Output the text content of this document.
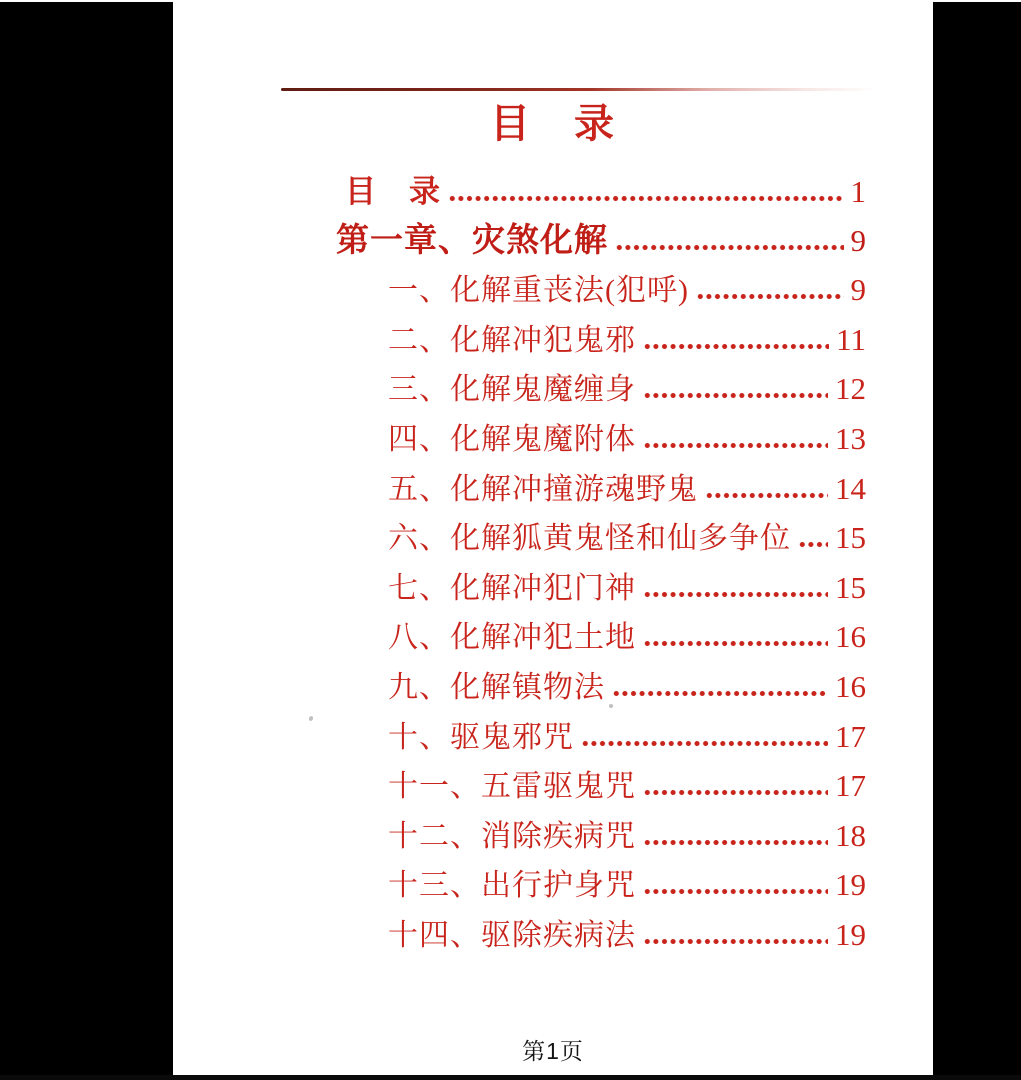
目　录
目　录	1
第一章、灾煞化解	9
一、化解重丧法(犯呼)	9
二、化解冲犯鬼邪	11
三、化解鬼魔缠身	12
四、化解鬼魔附体	13
五、化解冲撞游魂野鬼	14
六、化解狐黄鬼怪和仙多争位 15
七、化解冲犯门神	15
八、化解冲犯土地	16
九、化解镇物法	16
十、驱鬼邪咒	17
十一、五雷驱鬼咒	17
十二、消除疾病咒	18
十三、出行护身咒	19
十四、驱除疾病法	19
第1页
